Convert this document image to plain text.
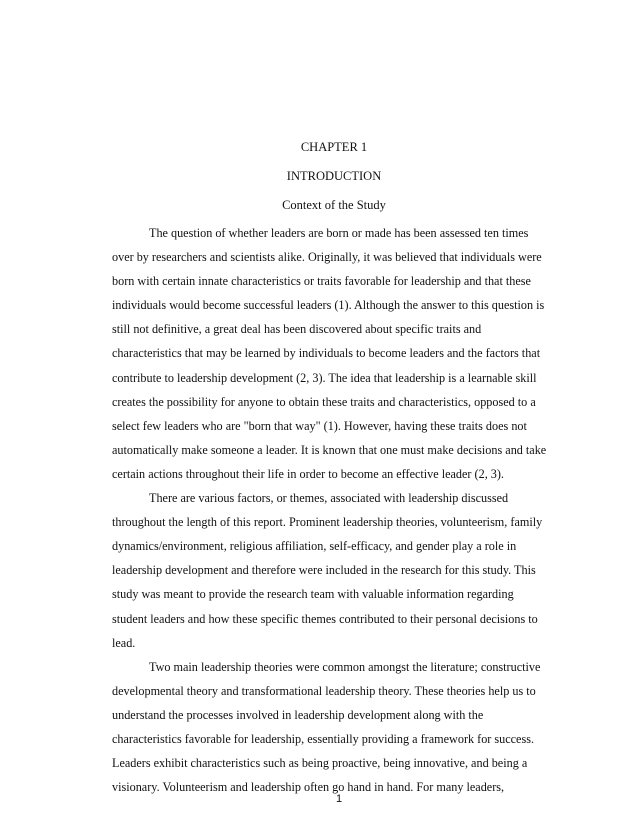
CHAPTER 1
INTRODUCTION
Context of the Study
The question of whether leaders are born or made has been assessed ten times
over by researchers and scientists alike. Originally, it was believed that individuals were
born with certain innate characteristics or traits favorable for leadership and that these
individuals would become successful leaders (1). Although the answer to this question is
still not definitive, a great deal has been discovered about specific traits and
characteristics that may be learned by individuals to become leaders and the factors that
contribute to leadership development (2, 3). The idea that leadership is a learnable skill
creates the possibility for anyone to obtain these traits and characteristics, opposed to a
select few leaders who are "born that way" (1). However, having these traits does not
automatically make someone a leader. It is known that one must make decisions and take
certain actions throughout their life in order to become an effective leader (2, 3).
There are various factors, or themes, associated with leadership discussed
throughout the length of this report. Prominent leadership theories, volunteerism, family
dynamics/environment, religious affiliation, self-efficacy, and gender play a role in
leadership development and therefore were included in the research for this study. This
study was meant to provide the research team with valuable information regarding
student leaders and how these specific themes contributed to their personal decisions to
lead.
Two main leadership theories were common amongst the literature; constructive
developmental theory and transformational leadership theory. These theories help us to
understand the processes involved in leadership development along with the
characteristics favorable for leadership, essentially providing a framework for success.
Leaders exhibit characteristics such as being proactive, being innovative, and being a
visionary. Volunteerism and leadership often go hand in hand. For many leaders,
1
